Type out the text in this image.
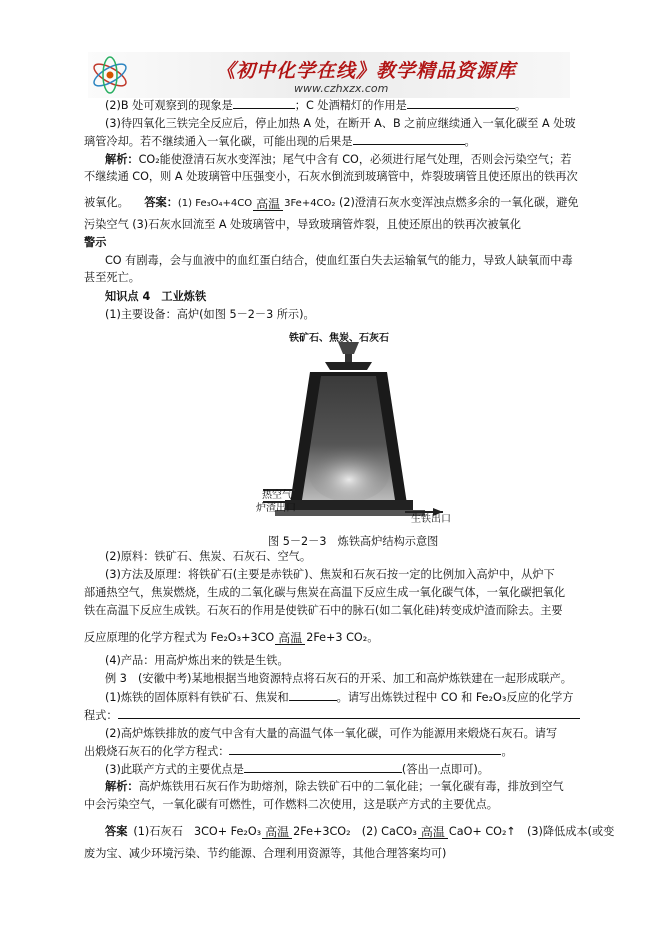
《初中化学在线》教学精品资源库
www.czhxzx.com
(2)B 处可观察到的现象是	；C 处酒精灯的作用是	。
(3)待四氧化三铁完全反应后，停止加热 A 处，在断开 A、B 之前应继续通入一氧化碳至 A 处玻
璃管冷却。若不继续通入一氧化碳，可能出现的后果是	。
解析：CO₂能使澄清石灰水变浑浊；尾气中含有 CO，必须进行尾气处理，否则会污染空气；若
不继续通 CO，则 A 处玻璃管中压强变小，石灰水倒流到玻璃管中，炸裂玻璃管且使还原出的铁再次
被氧化。 答案：(1) Fe₃O₄+4CO 高温 3Fe+4CO₂ (2)澄清石灰水变浑浊点燃多余的一氧化碳，避免
污染空气 (3)石灰水回流至 A 处玻璃管中，导致玻璃管炸裂，且使还原出的铁再次被氧化
警示
CO 有剧毒，会与血液中的血红蛋白结合，使血红蛋白失去运输氧气的能力，导致人缺氧而中毒
甚至死亡。
知识点 4　工业炼铁
(1)主要设备：高炉(如图 5－2－3 所示)。
铁矿石、焦炭、石灰石
热空气
炉渣出口
生铁出口
图 5－2－3　炼铁高炉结构示意图
(2)原料：铁矿石、焦炭、石灰石、空气。
(3)方法及原理：将铁矿石(主要是赤铁矿)、焦炭和石灰石按一定的比例加入高炉中，从炉下
部通热空气，焦炭燃烧，生成的二氧化碳与焦炭在高温下反应生成一氧化碳气体，一氧化碳把氧化
铁在高温下反应生成铁。石灰石的作用是使铁矿石中的脉石(如二氧化硅)转变成炉渣而除去。主要
反应原理的化学方程式为 Fe₂O₃+3CO 高温 2Fe+3 CO₂。
(4)产品：用高炉炼出来的铁是生铁。
例 3　(安徽中考)某地根据当地资源特点将石灰石的开采、加工和高炉炼铁建在一起形成联产。
(1)炼铁的固体原料有铁矿石、焦炭和	。请写出炼铁过程中 CO 和 Fe₂O₃反应的化学方
程式：
(2)高炉炼铁排放的废气中含有大量的高温气体一氧化碳，可作为能源用来煅烧石灰石。请写
出煅烧石灰石的化学方程式：	。
(3)此联产方式的主要优点是	(答出一点即可)。
解析：高炉炼铁用石灰石作为助熔剂，除去铁矿石中的二氧化硅；一氧化碳有毒，排放到空气
中会污染空气，一氧化碳有可燃性，可作燃料二次使用，这是联产方式的主要优点。
答案 (1)石灰石　3CO+ Fe₂O₃ 高温 2Fe+3CO₂　(2) CaCO₃ 高温 CaO+ CO₂↑　(3)降低成本(或变
废为宝、减少环境污染、节约能源、合理利用资源等，其他合理答案均可)
